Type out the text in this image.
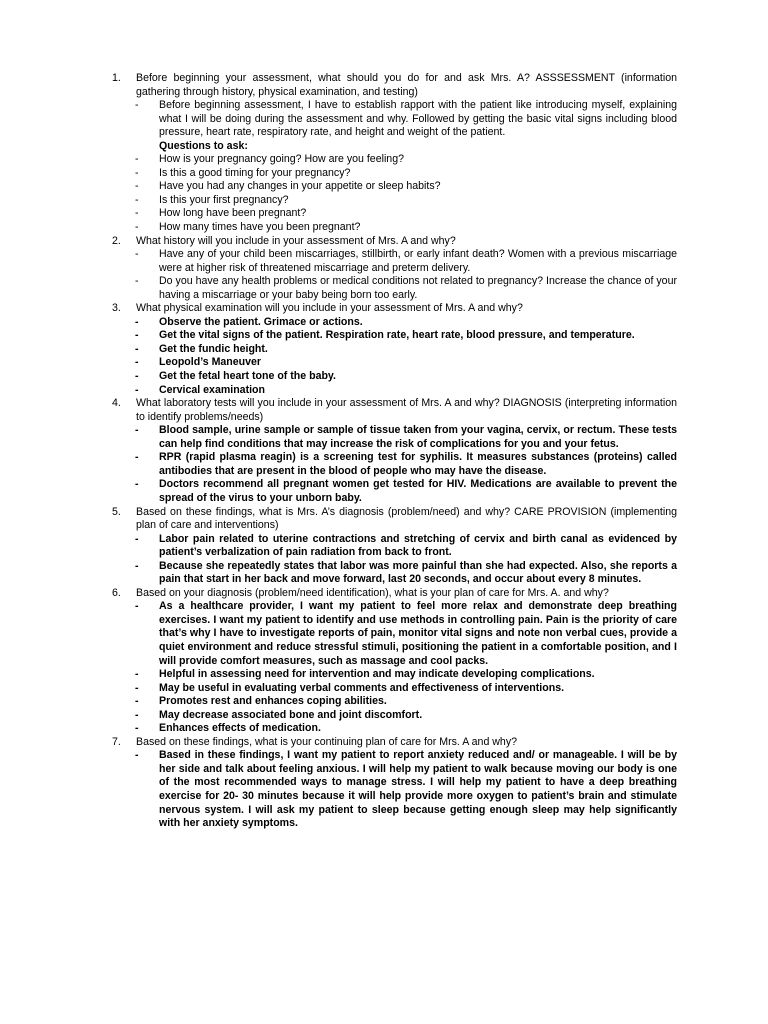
1.	Before beginning your assessment, what should you do for and ask Mrs. A? ASSSESSMENT (information gathering through history, physical examination, and testing)
- Before beginning assessment, I have to establish rapport with the patient like introducing myself, explaining what I will be doing during the assessment and why. Followed by getting the basic vital signs including blood pressure, heart rate, respiratory rate, and height and weight of the patient.
Questions to ask:
- How is your pregnancy going? How are you feeling?
- Is this a good timing for your pregnancy?
- Have you had any changes in your appetite or sleep habits?
- Is this your first pregnancy?
- How long have been pregnant?
- How many times have you been pregnant?
2.	What history will you include in your assessment of Mrs. A and why?
- Have any of your child been miscarriages, stillbirth, or early infant death? Women with a previous miscarriage were at higher risk of threatened miscarriage and preterm delivery.
- Do you have any health problems or medical conditions not related to pregnancy? Increase the chance of your having a miscarriage or your baby being born too early.
3.	What physical examination will you include in your assessment of Mrs. A and why?
- Observe the patient. Grimace or actions.
- Get the vital signs of the patient. Respiration rate, heart rate, blood pressure, and temperature.
- Get the fundic height.
- Leopold’s Maneuver
- Get the fetal heart tone of the baby.
- Cervical examination
4.	What laboratory tests will you include in your assessment of Mrs. A and why? DIAGNOSIS (interpreting information to identify problems/needs)
- Blood sample, urine sample or sample of tissue taken from your vagina, cervix, or rectum. These tests can help find conditions that may increase the risk of complications for you and your fetus.
- RPR (rapid plasma reagin) is a screening test for syphilis. It measures substances (proteins) called antibodies that are present in the blood of people who may have the disease.
- Doctors recommend all pregnant women get tested for HIV. Medications are available to prevent the spread of the virus to your unborn baby.
5.	Based on these findings, what is Mrs. A’s diagnosis (problem/need) and why? CARE PROVISION (implementing plan of care and interventions)
- Labor pain related to uterine contractions and stretching of cervix and birth canal as evidenced by patient’s verbalization of pain radiation from back to front.
- Because she repeatedly states that labor was more painful than she had expected. Also, she reports a pain that start in her back and move forward, last 20 seconds, and occur about every 8 minutes.
6.	Based on your diagnosis (problem/need identification), what is your plan of care for Mrs. A. and why?
- As a healthcare provider, I want my patient to feel more relax and demonstrate deep breathing exercises. I want my patient to identify and use methods in controlling pain. Pain is the priority of care that’s why I have to investigate reports of pain, monitor vital signs and note non verbal cues, provide a quiet environment and reduce stressful stimuli, positioning the patient in a comfortable position, and I will provide comfort measures, such as massage and cool packs.
- Helpful in assessing need for intervention and may indicate developing complications.
- May be useful in evaluating verbal comments and effectiveness of interventions.
- Promotes rest and enhances coping abilities.
- May decrease associated bone and joint discomfort.
- Enhances effects of medication.
7.	Based on these findings, what is your continuing plan of care for Mrs. A and why?
- Based in these findings, I want my patient to report anxiety reduced and/ or manageable. I will be by her side and talk about feeling anxious. I will help my patient to walk because moving our body is one of the most recommended ways to manage stress. I will help my patient to have a deep breathing exercise for 20- 30 minutes because it will help provide more oxygen to patient’s brain and stimulate nervous system. I will ask my patient to sleep because getting enough sleep may help significantly with her anxiety symptoms.
